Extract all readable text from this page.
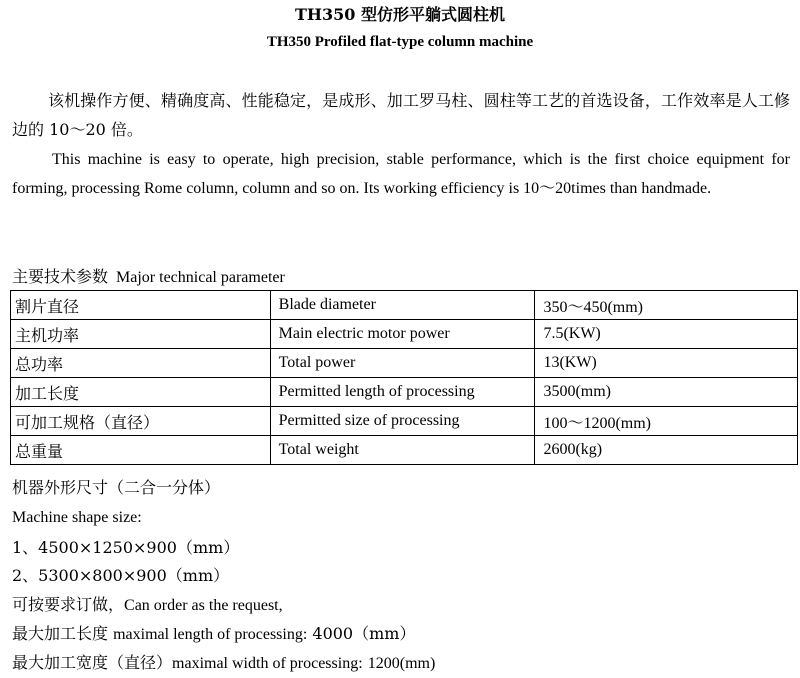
TH350 型仿形平躺式圆柱机
TH350 Profiled flat-type column machine
该机操作方便、精确度高、性能稳定，是成形、加工罗马柱、圆柱等工艺的首选设备，工作效率是人工修边的 10～20 倍。
This machine is easy to operate, high precision, stable performance, which is the first choice equipment for forming, processing Rome column, column and so on. Its working efficiency is 10～20times than handmade.
主要技术参数 Major technical parameter
割片直径	Blade diameter	350～450(mm)
主机功率	Main electric motor power	7.5(KW)
总功率	Total power	13(KW)
加工长度	Permitted length of processing	3500(mm)
可加工规格（直径）	Permitted size of processing	100～1200(mm)
总重量	Total weight	2600(kg)
机器外形尺寸（二合一分体）
Machine shape size:
1、4500×1250×900（mm）
2、5300×800×900（mm）
可按要求订做，Can order as the request,
最大加工长度 maximal length of processing: 4000（mm）
最大加工宽度（直径）maximal width of processing: 1200(mm)
